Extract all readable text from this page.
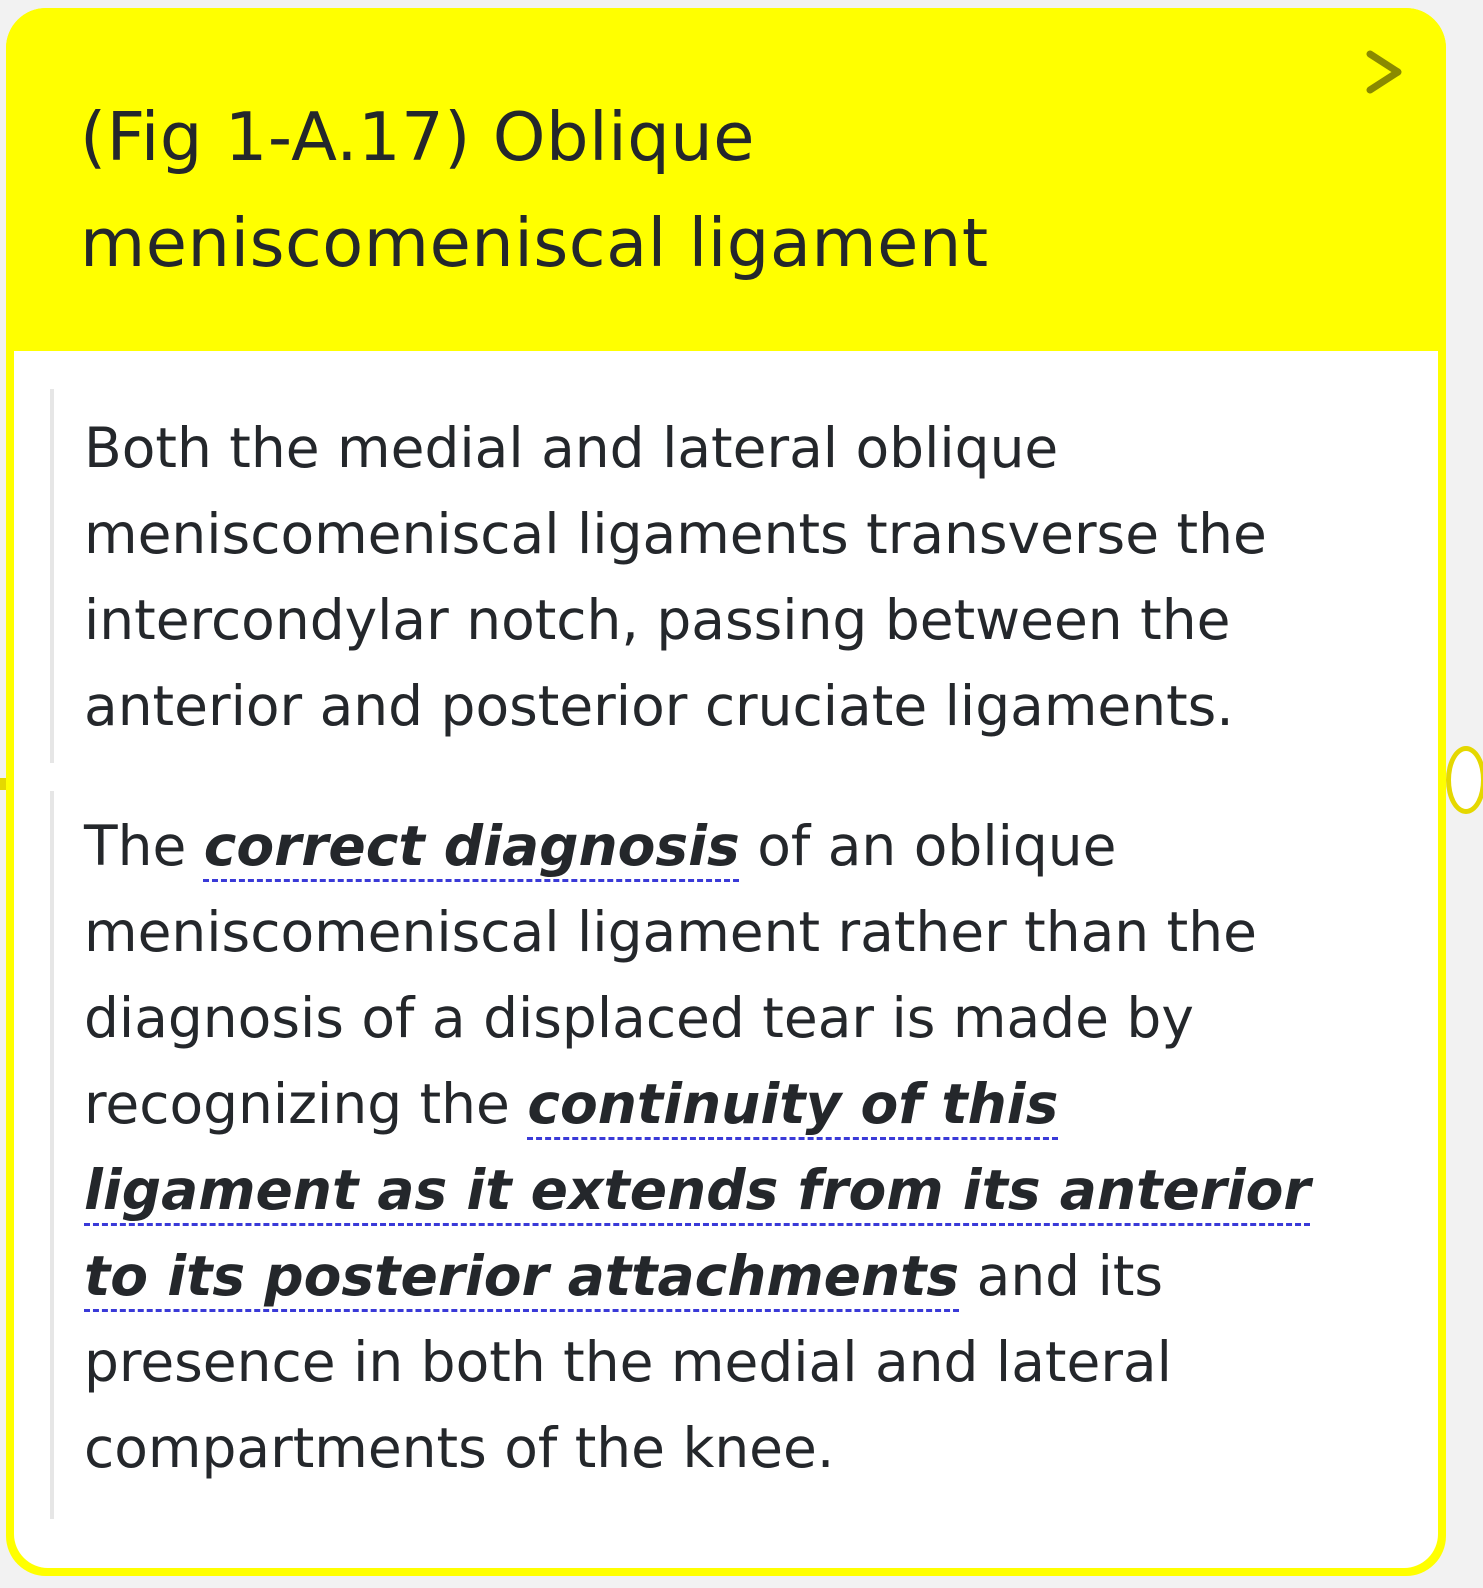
(Fig 1-A.17) Oblique meniscomeniscal ligament

Both the medial and lateral oblique meniscomeniscal ligaments transverse the intercondylar notch, passing between the anterior and posterior cruciate ligaments.

The correct diagnosis of an oblique meniscomeniscal ligament rather than the diagnosis of a displaced tear is made by recognizing the continuity of this ligament as it extends from its anterior to its posterior attachments and its presence in both the medial and lateral compartments of the knee.
